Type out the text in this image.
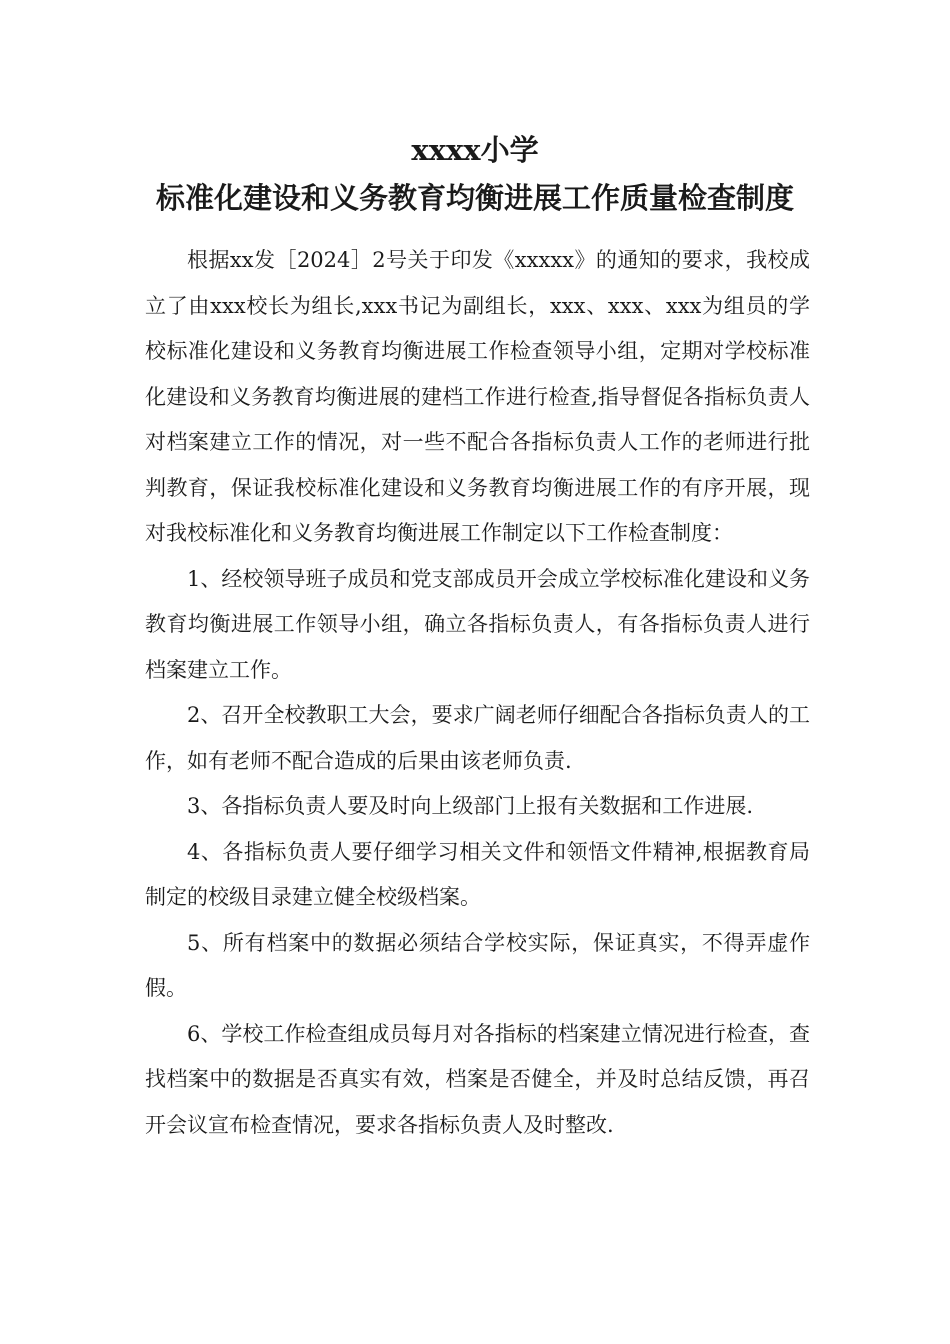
xxxx小学
标准化建设和义务教育均衡进展工作质量检查制度

根据xx发［2024］2号关于印发《xxxxx》的通知的要求，我校成立了由xxx校长为组长,xxx书记为副组长，xxx、xxx、xxx为组员的学校标准化建设和义务教育均衡进展工作检查领导小组，定期对学校标准化建设和义务教育均衡进展的建档工作进行检查,指导督促各指标负责人对档案建立工作的情况，对一些不配合各指标负责人工作的老师进行批判教育，保证我校标准化建设和义务教育均衡进展工作的有序开展，现对我校标准化和义务教育均衡进展工作制定以下工作检查制度：

1、经校领导班子成员和党支部成员开会成立学校标准化建设和义务教育均衡进展工作领导小组，确立各指标负责人，有各指标负责人进行档案建立工作。

2、召开全校教职工大会，要求广阔老师仔细配合各指标负责人的工作，如有老师不配合造成的后果由该老师负责.

3、各指标负责人要及时向上级部门上报有关数据和工作进展.

4、各指标负责人要仔细学习相关文件和领悟文件精神,根据教育局制定的校级目录建立健全校级档案。

5、所有档案中的数据必须结合学校实际，保证真实，不得弄虚作假。

6、学校工作检查组成员每月对各指标的档案建立情况进行检查，查找档案中的数据是否真实有效，档案是否健全，并及时总结反馈，再召开会议宣布检查情况，要求各指标负责人及时整改.
